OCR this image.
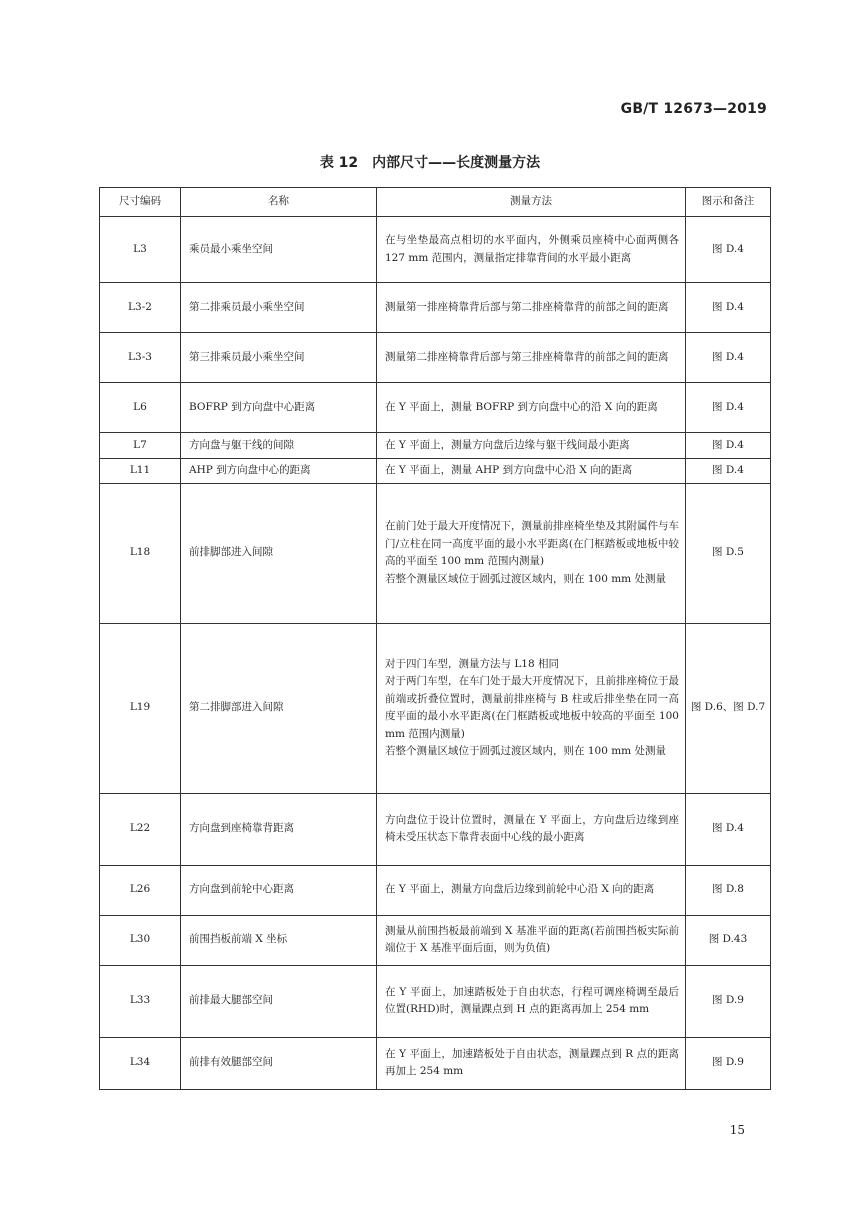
GB/T 12673—2019
表 12　内部尺寸——长度测量方法
尺寸编码	名称	测量方法	图示和备注
L3	乘员最小乘坐空间	在与坐垫最高点相切的水平面内，外侧乘员座椅中心面两侧各 127 mm 范围内，测量指定排靠背间的水平最小距离	图 D.4
L3-2	第二排乘员最小乘坐空间	测量第一排座椅靠背后部与第二排座椅靠背的前部之间的距离	图 D.4
L3-3	第三排乘员最小乘坐空间	测量第二排座椅靠背后部与第三排座椅靠背的前部之间的距离	图 D.4
L6	BOFRP 到方向盘中心距离	在 Y 平面上，测量 BOFRP 到方向盘中心的沿 X 向的距离	图 D.4
L7	方向盘与躯干线的间隙	在 Y 平面上，测量方向盘后边缘与躯干线间最小距离	图 D.4
L11	AHP 到方向盘中心的距离	在 Y 平面上，测量 AHP 到方向盘中心沿 X 向的距离	图 D.4
L18	前排脚部进入间隙	在前门处于最大开度情况下，测量前排座椅坐垫及其附属件与车门/立柱在同一高度平面的最小水平距离(在门框踏板或地板中较高的平面至 100 mm 范围内测量)
若整个测量区域位于圆弧过渡区域内，则在 100 mm 处测量	图 D.5
L19	第二排脚部进入间隙	对于四门车型，测量方法与 L18 相同
对于两门车型，在车门处于最大开度情况下，且前排座椅位于最前端或折叠位置时，测量前排座椅与 B 柱或后排坐垫在同一高度平面的最小水平距离(在门框踏板或地板中较高的平面至 100 mm 范围内测量)
若整个测量区域位于圆弧过渡区域内，则在 100 mm 处测量	图 D.6、图 D.7
L22	方向盘到座椅靠背距离	方向盘位于设计位置时，测量在 Y 平面上，方向盘后边缘到座椅未受压状态下靠背表面中心线的最小距离	图 D.4
L26	方向盘到前轮中心距离	在 Y 平面上，测量方向盘后边缘到前轮中心沿 X 向的距离	图 D.8
L30	前围挡板前端 X 坐标	测量从前围挡板最前端到 X 基准平面的距离(若前围挡板实际前端位于 X 基准平面后面，则为负值)	图 D.43
L33	前排最大腿部空间	在 Y 平面上，加速踏板处于自由状态，行程可调座椅调至最后位置(RHD)时，测量踝点到 H 点的距离再加上 254 mm	图 D.9
L34	前排有效腿部空间	在 Y 平面上，加速踏板处于自由状态，测量踝点到 R 点的距离再加上 254 mm	图 D.9
15
